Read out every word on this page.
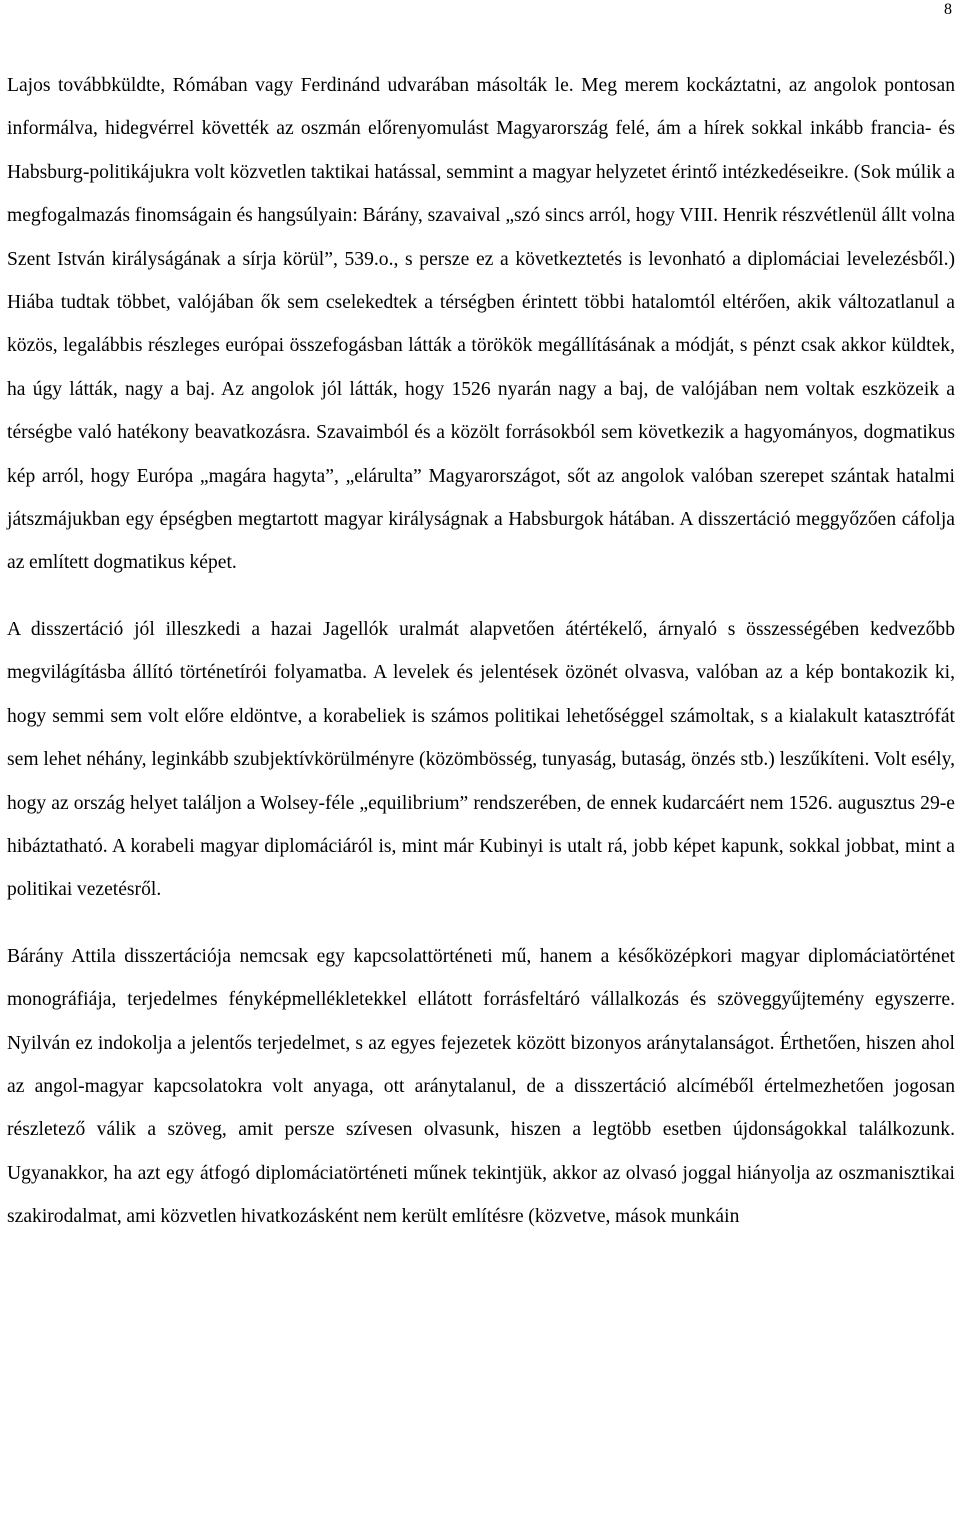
8

Lajos továbbküldte, Rómában vagy Ferdinánd udvarában másolták le. Meg merem kockáztatni, az angolok pontosan informálva, hidegvérrel követték az oszmán előrenyomulást Magyarország felé, ám a hírek sokkal inkább francia- és Habsburg-politikájukra volt közvetlen taktikai hatással, semmint a magyar helyzetet érintő intézkedéseikre. (Sok múlik a megfogalmazás finomságain és hangsúlyain: Bárány, szavaival „szó sincs arról, hogy VIII. Henrik részvétlenül állt volna Szent István királyságának a sírja körül”, 539.o., s persze ez a következtetés is levonható a diplomáciai levelezésből.) Hiába tudtak többet, valójában ők sem cselekedtek a térségben érintett többi hatalomtól eltérően, akik változatlanul a közös, legalábbis részleges európai összefogásban látták a törökök megállításának a módját, s pénzt csak akkor küldtek, ha úgy látták, nagy a baj. Az angolok jól látták, hogy 1526 nyarán nagy a baj, de valójában nem voltak eszközeik a térségbe való hatékony beavatkozásra. Szavaimból és a közölt forrásokból sem következik a hagyományos, dogmatikus kép arról, hogy Európa „magára hagyta”, „elárulta” Magyarországot, sőt az angolok valóban szerepet szántak hatalmi játszmájukban egy épségben megtartott magyar királyságnak a Habsburgok hátában. A disszertáció meggyőzően cáfolja az említett dogmatikus képet.

A disszertáció jól illeszkedi a hazai Jagellók uralmát alapvetően átértékelő, árnyaló s összességében kedvezőbb megvilágításba állító történetírói folyamatba. A levelek és jelentések özönét olvasva, valóban az a kép bontakozik ki, hogy semmi sem volt előre eldöntve, a korabeliek is számos politikai lehetőséggel számoltak, s a kialakult katasztrófát sem lehet néhány, leginkább szubjektívkörülményre (közömbösség, tunyaság, butaság, önzés stb.) leszűkíteni. Volt esély, hogy az ország helyet találjon a Wolsey-féle „equilibrium” rendszerében, de ennek kudarcáért nem 1526. augusztus 29-e hibáztatható. A korabeli magyar diplomáciáról is, mint már Kubinyi is utalt rá, jobb képet kapunk, sokkal jobbat, mint a politikai vezetésről.

Bárány Attila disszertációja nemcsak egy kapcsolattörténeti mű, hanem a későközépkori magyar diplomáciatörténet monográfiája, terjedelmes fényképmellékletekkel ellátott forrásfeltáró vállalkozás és szöveggyűjtemény egyszerre. Nyilván ez indokolja a jelentős terjedelmet, s az egyes fejezetek között bizonyos aránytalanságot. Érthetően, hiszen ahol az angol-magyar kapcsolatokra volt anyaga, ott aránytalanul, de a disszertáció alcíméből értelmezhetően jogosan részletező válik a szöveg, amit persze szívesen olvasunk, hiszen a legtöbb esetben újdonságokkal találkozunk. Ugyanakkor, ha azt egy átfogó diplomáciatörténeti műnek tekintjük, akkor az olvasó joggal hiányolja az oszmanisztikai szakirodalmat, ami közvetlen hivatkozásként nem került említésre (közvetve, mások munkáin
